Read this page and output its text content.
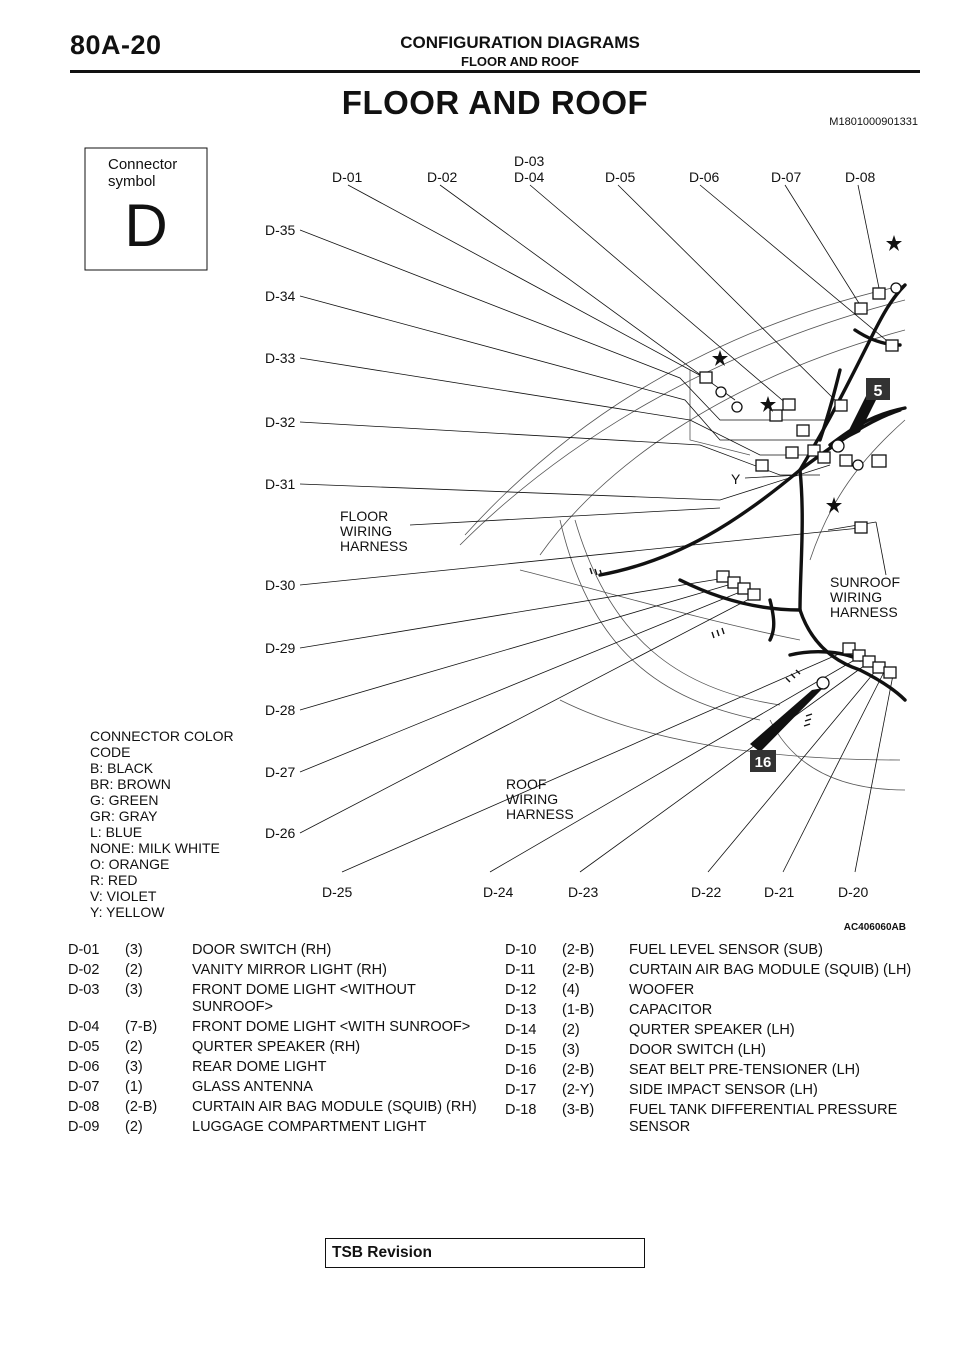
80A-20	CONFIGURATION DIAGRAMS
FLOOR AND ROOF
FLOOR AND ROOF
M1801000901331
Connector
symbol
D
5
16
D-01	D-02
D-03
D-04	D-05	D-06	D-07	D-08
D-35
D-34
D-33
D-32
D-31
D-30
D-29
D-28
D-27
D-26
D-25	D-24	D-23	D-22	D-21	D-20
FLOOR
WIRING
HARNESS
SUNROOF
WIRING
HARNESS
ROOF
WIRING
HARNESS
Y
CONNECTOR COLOR
CODE
B: BLACK
BR: BROWN
G: GREEN
GR: GRAY
L: BLUE
NONE: MILK WHITE
O: ORANGE
R: RED
V: VIOLET
Y: YELLOW
AC406060AB
D-01 (3)	DOOR SWITCH (RH)
D-02 (2)	VANITY MIRROR LIGHT (RH)
D-03 (3)	FRONT DOME LIGHT <WITHOUT SUNROOF>
D-04 (7-B) FRONT DOME LIGHT <WITH SUNROOF>
D-05 (2)	QURTER SPEAKER (RH)
D-06 (3)	REAR DOME LIGHT
D-07 (1)	GLASS ANTENNA
D-08 (2-B) CURTAIN AIR BAG MODULE (SQUIB) (RH)
D-09 (2)	LUGGAGE COMPARTMENT LIGHT
D-10 (2-B) FUEL LEVEL SENSOR (SUB)
D-11 (2-B) CURTAIN AIR BAG MODULE (SQUIB) (LH)
D-12 (4)	WOOFER
D-13 (1-B) CAPACITOR
D-14 (2)	QURTER SPEAKER (LH)
D-15 (3)	DOOR SWITCH (LH)
D-16 (2-B) SEAT BELT PRE-TENSIONER (LH)
D-17 (2-Y) SIDE IMPACT SENSOR (LH)
D-18 (3-B) FUEL TANK DIFFERENTIAL PRESSURE SENSOR
TSB Revision
